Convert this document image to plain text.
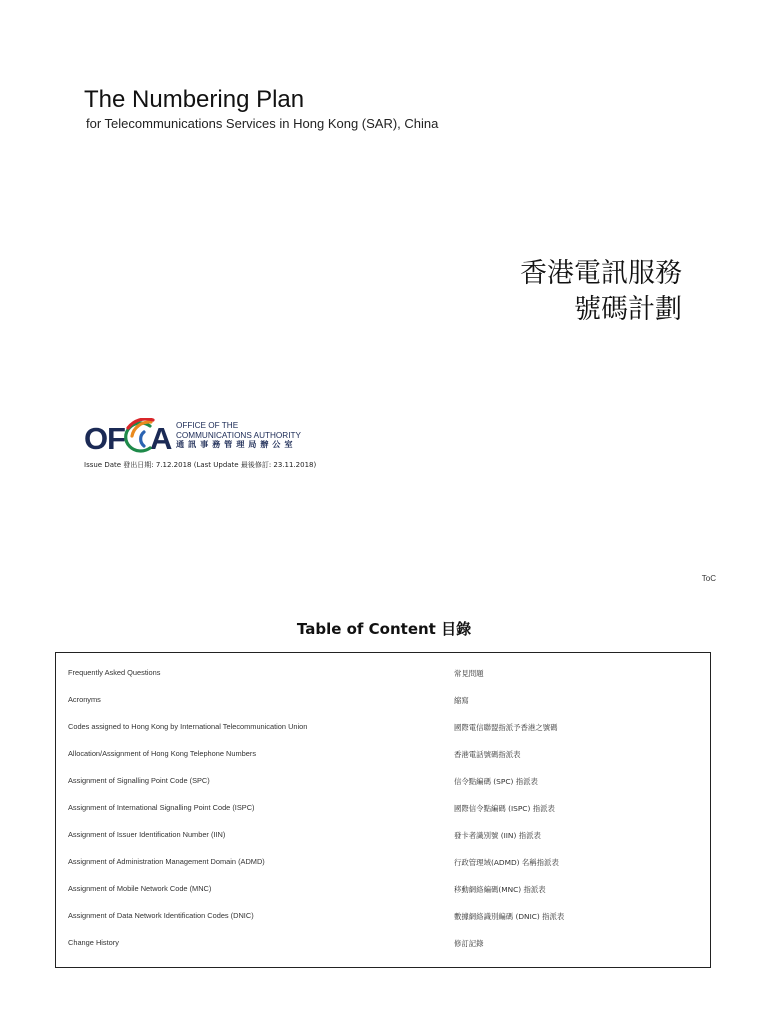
The Numbering Plan
for Telecommunications Services in Hong Kong (SAR), China
香港電訊服務
號碼計劃
O
F A OFFICE OF THE
COMMUNICATIONS AUTHORITY
通 訊 事 務 管 理 局 辦 公 室
Issue Date 發出日期: 7.12.2018 (Last Update 最後修訂: 23.11.2018)
ToC
Table of Content 目錄
Frequently Asked Questions	常見問題
Acronyms	縮寫
Codes assigned to Hong Kong by International Telecommunication Union	國際電信聯盟指派予香港之號碼
Allocation/Assignment of Hong Kong Telephone Numbers	香港電話號碼指派表
Assignment of Signalling Point Code (SPC)	信令點編碼 (SPC) 指派表
Assignment of International Signalling Point Code (ISPC)	國際信令點編碼 (ISPC) 指派表
Assignment of Issuer Identification Number (IIN)	發卡者識別號 (IIN) 指派表
Assignment of Administration Management Domain (ADMD)	行政管理域(ADMD) 名稱指派表
Assignment of Mobile Network Code (MNC)	移動網絡編碼(MNC) 指派表
Assignment of Data Network Identification Codes (DNIC)	數據網絡識別編碼 (DNIC) 指派表
Change History	修訂記錄
